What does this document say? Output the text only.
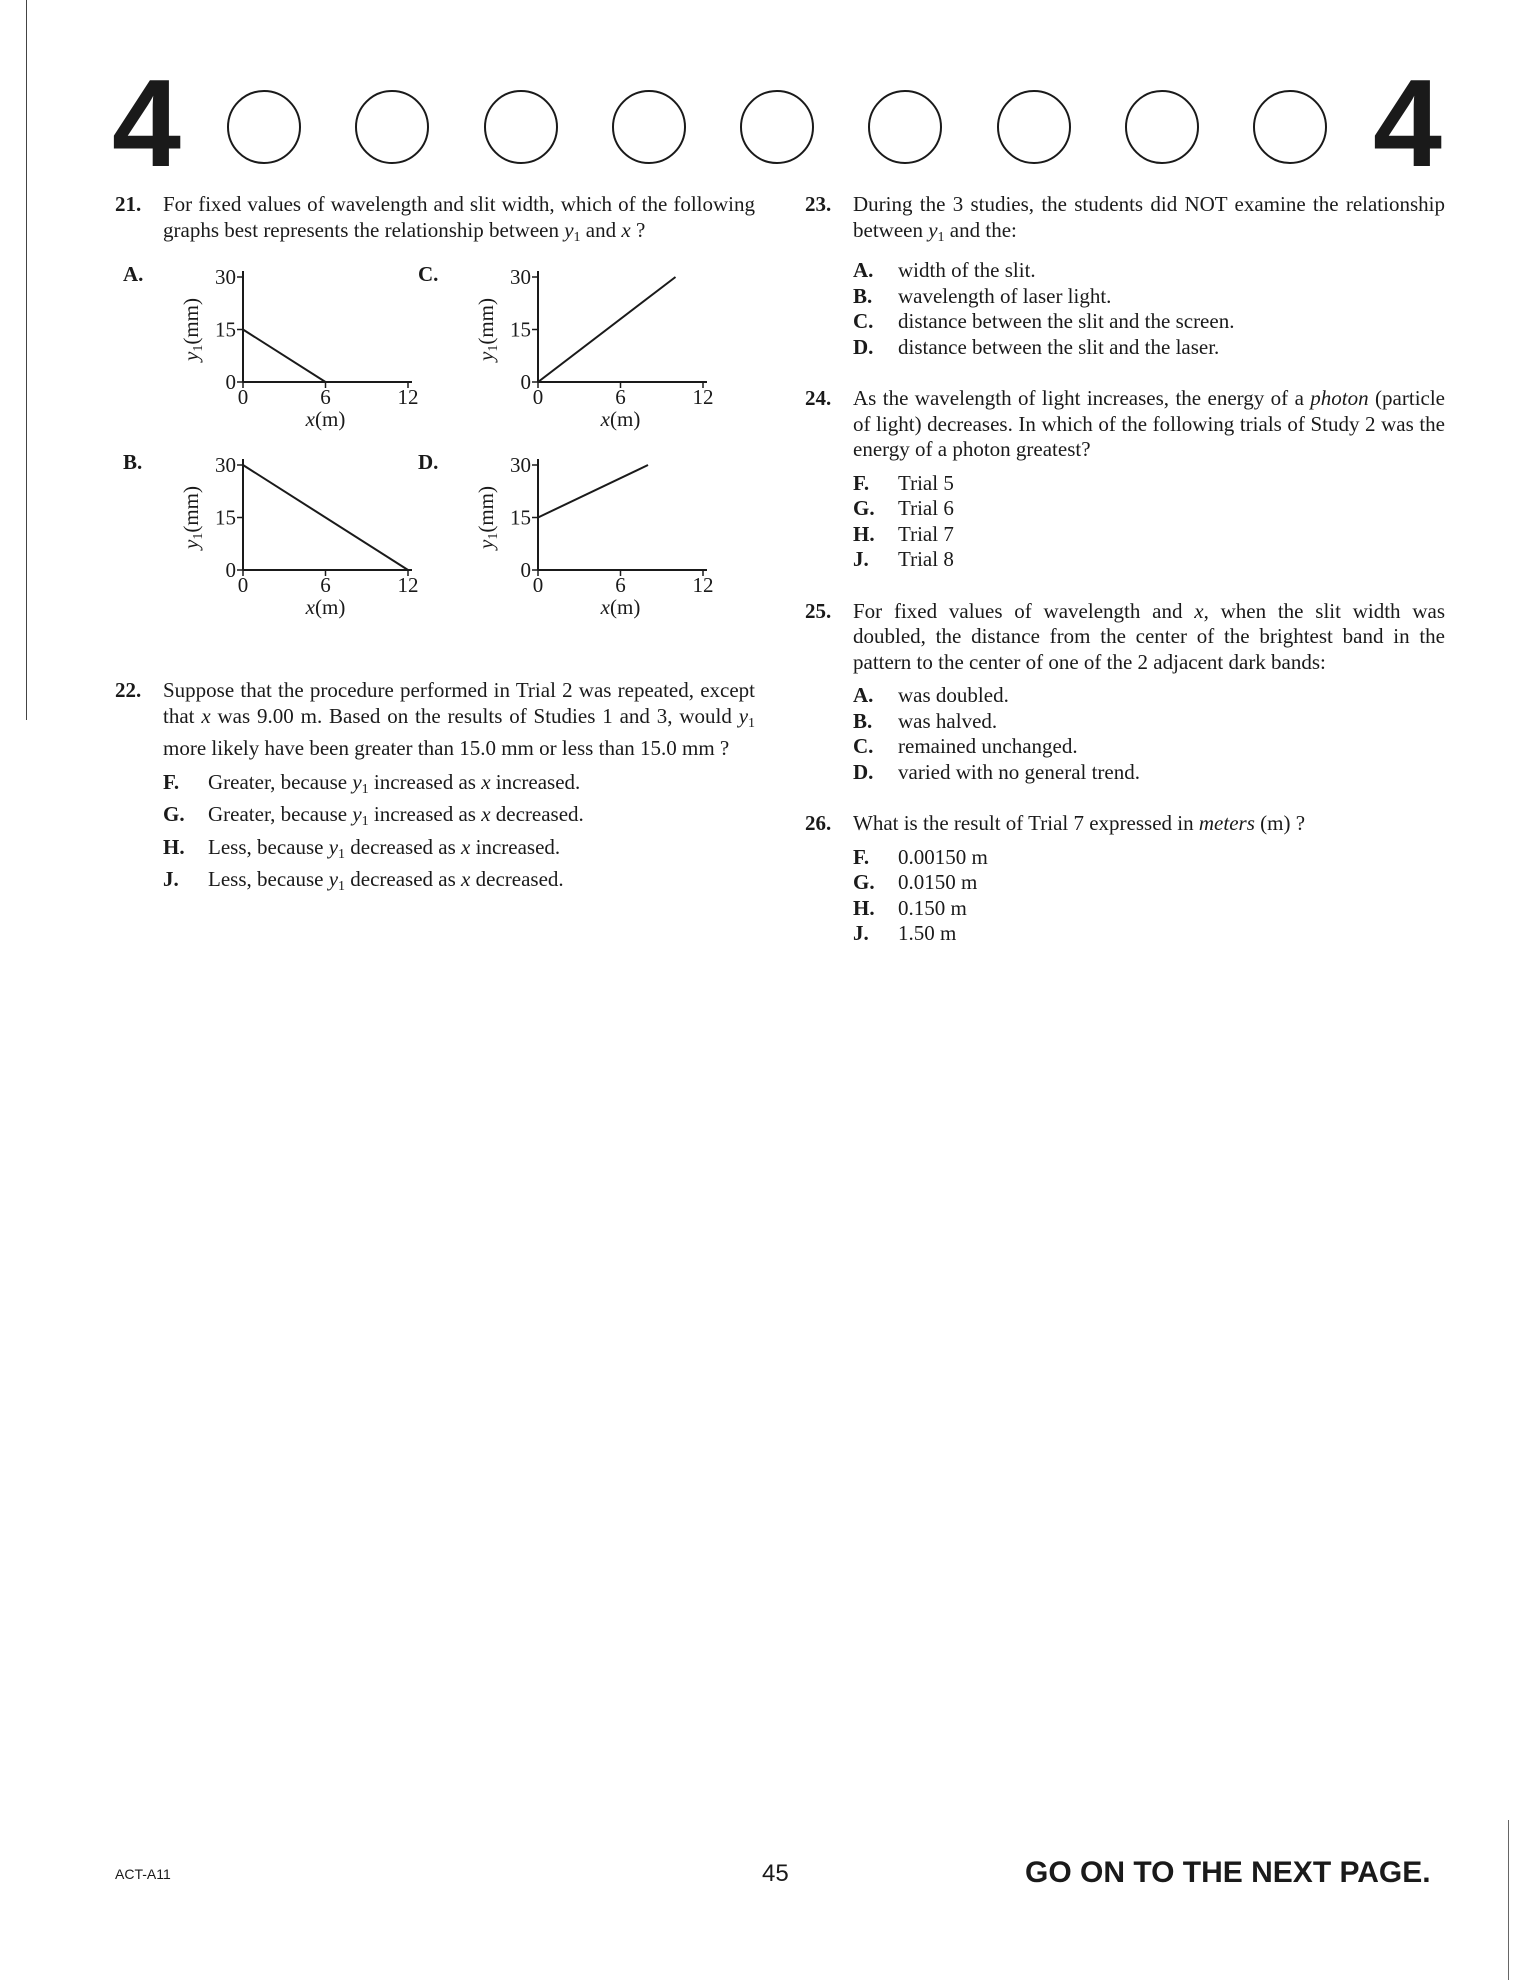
4	4
21. For fixed values of wavelength and slit width, which of the following graphs best represents the relationship between $y_1$ and x ?
A.
0
15
30
0	6	12
x(m)
y1(mm)
C.
0
15
30
0	6	12
x(m)
y1(mm)
B.
0
15
30
0	6	12
x(m)
y1(mm)
D.
0
15
30
0	6	12
x(m)
y1(mm)
22. Suppose that the procedure performed in Trial 2 was repeated, except that x was 9.00 m. Based on the results of Studies 1 and 3, would $y_1$ more likely have been greater than 15.0 mm or less than 15.0 mm ?
F.	Greater, because $y_1$ increased as x increased.
G.	Greater, because $y_1$ increased as x decreased.
H.	Less, because $y_1$ decreased as x increased.
J.	Less, because $y_1$ decreased as x decreased.
23. During the 3 studies, the students did NOT examine the relationship between $y_1$ and the:
A.	width of the slit.
B.	wavelength of laser light.
C.	distance between the slit and the screen.
D.	distance between the slit and the laser.
24. As the wavelength of light increases, the energy of a photon (particle of light) decreases. In which of the following trials of Study 2 was the energy of a photon greatest?
F.	Trial 5
G.	Trial 6
H.	Trial 7
J.	Trial 8
25. For fixed values of wavelength and x, when the slit width was doubled, the distance from the center of the brightest band in the pattern to the center of one of the 2 adjacent dark bands:
A.	was doubled.
B.	was halved.
C.	remained unchanged.
D.	varied with no general trend.
26. What is the result of Trial 7 expressed in meters (m) ?
F.	0.00150 m
G.	0.0150 m
H.	0.150 m
J.	1.50 m
ACT-A11	45	GO ON TO THE NEXT PAGE.
